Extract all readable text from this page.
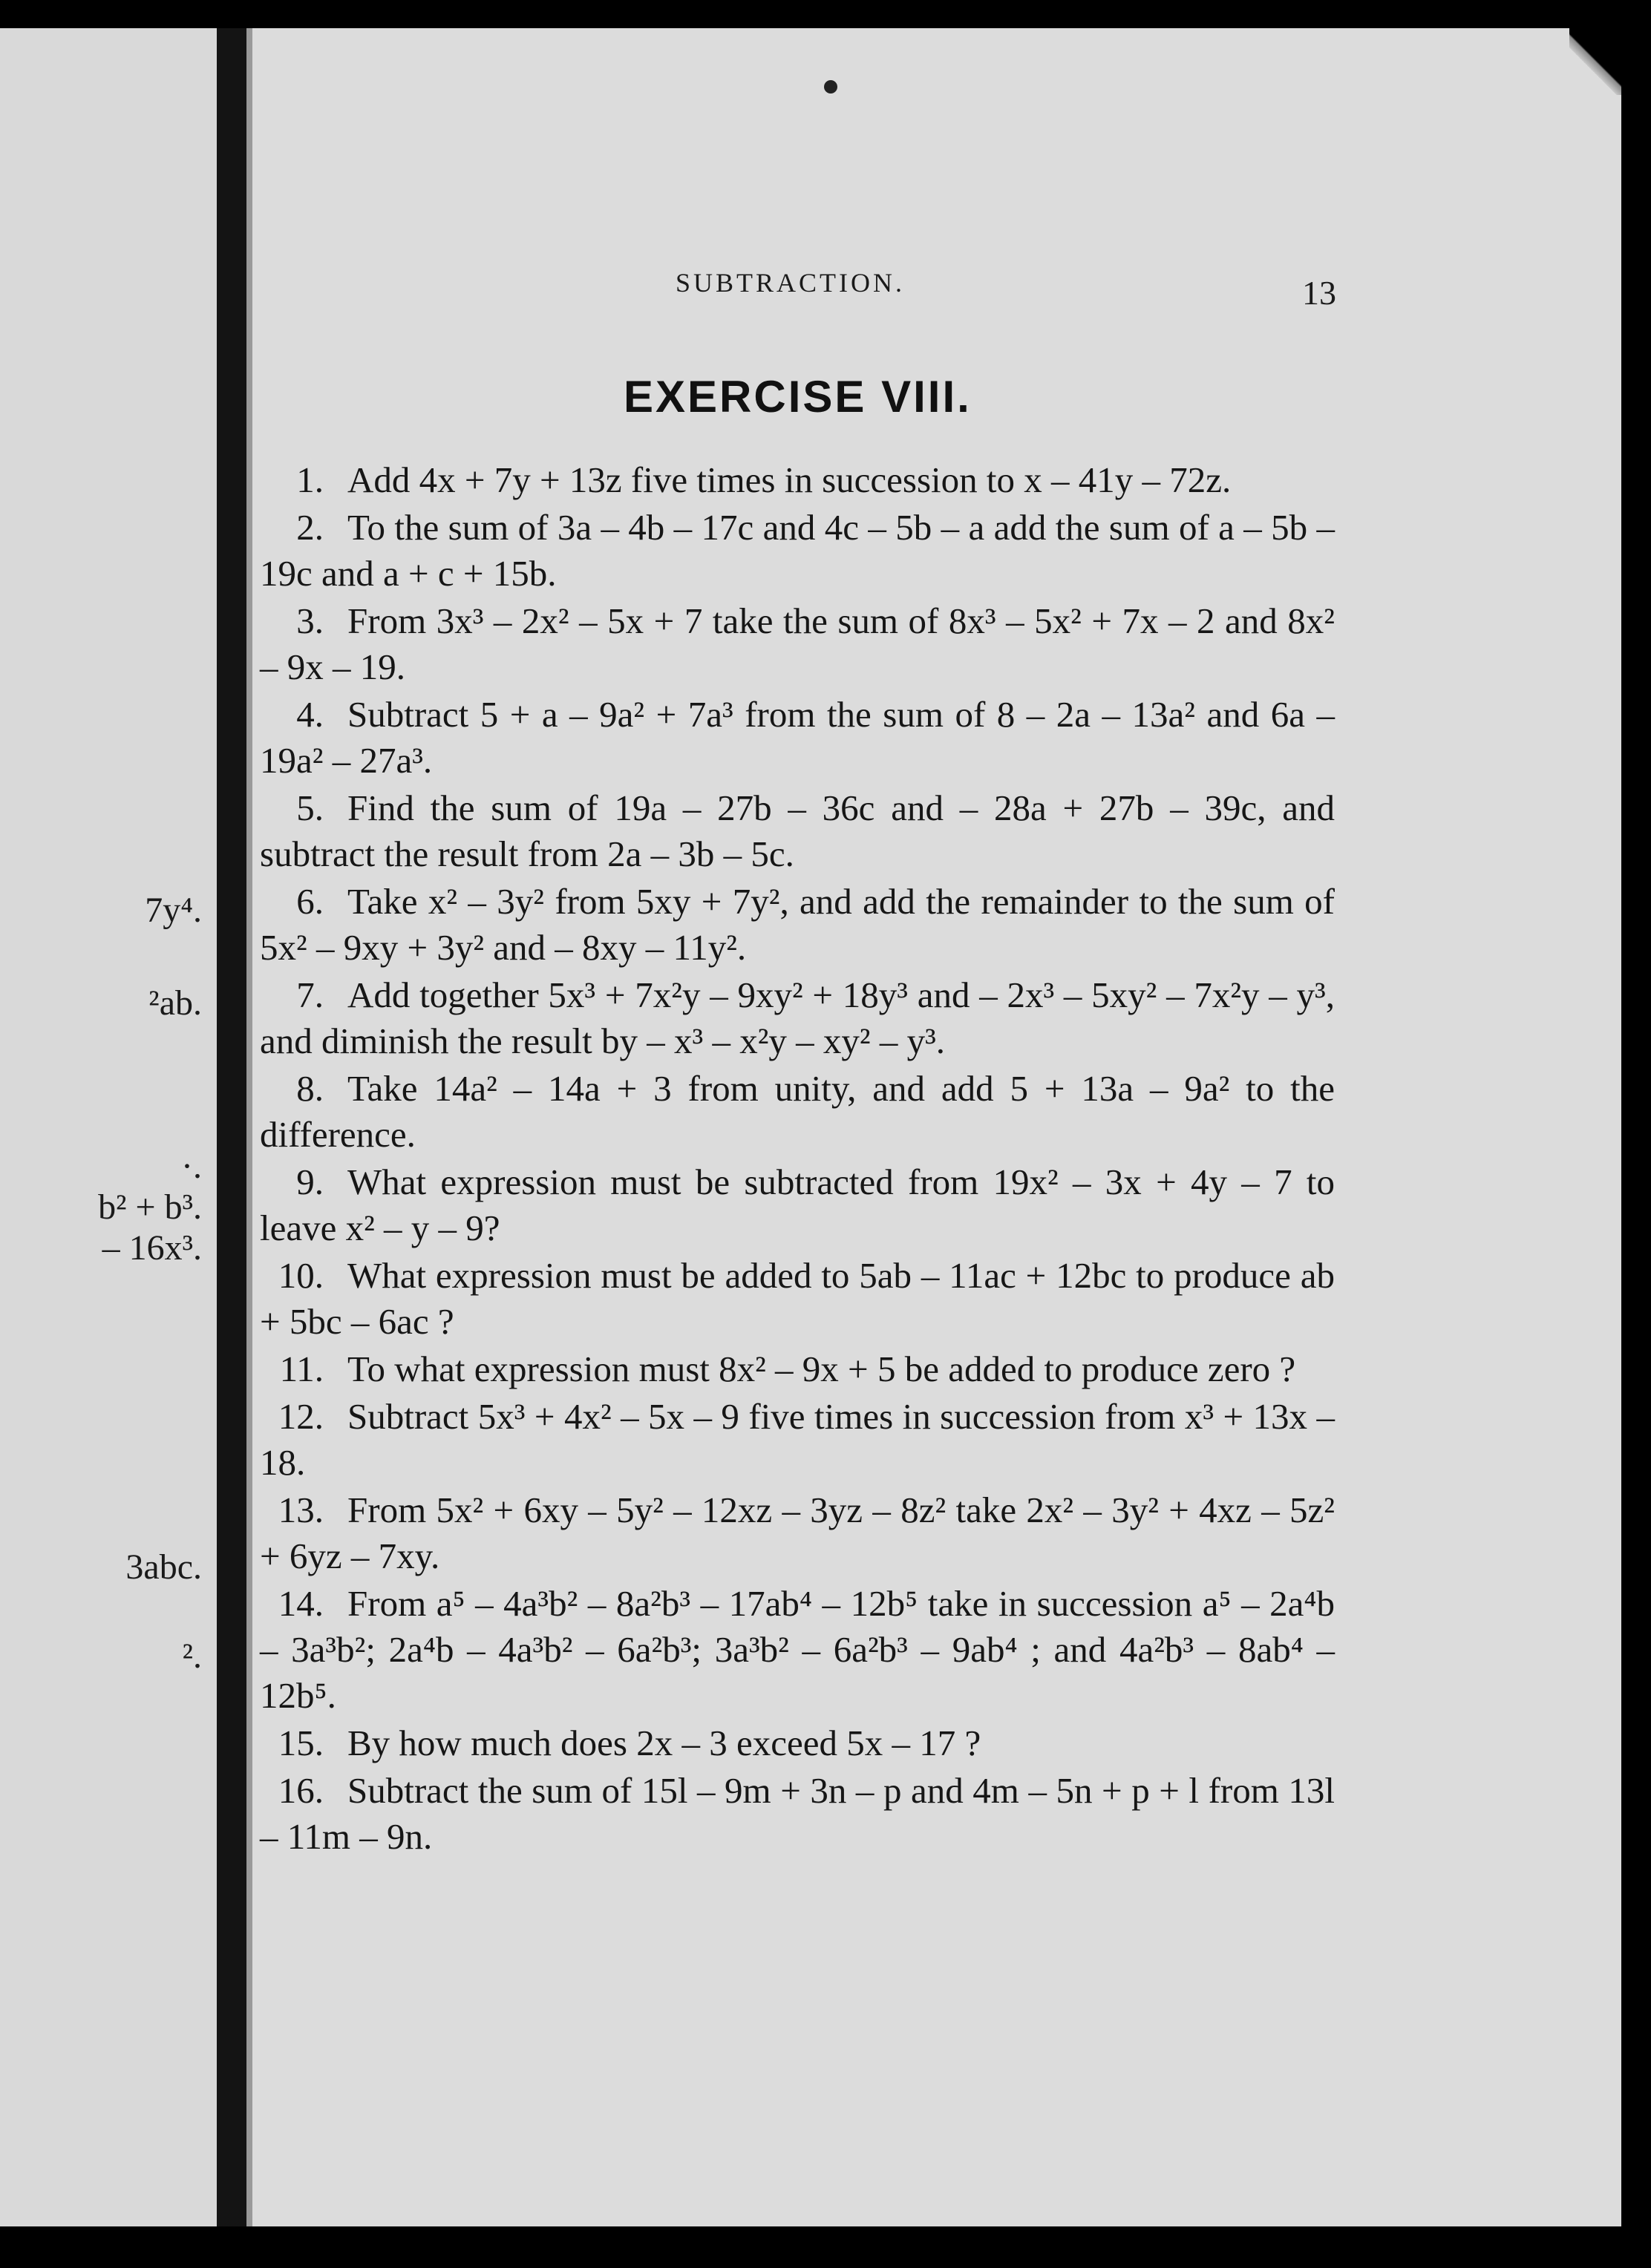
7y⁴.
²ab.
·.
b² + b³.
– 16x³.
3abc.
².
SUBTRACTION.	13
EXERCISE VIII.
1. Add 4x + 7y + 13z five times in succession to x – 41y – 72z.
2. To the sum of 3a – 4b – 17c and 4c – 5b – a add the sum of a – 5b – 19c and a + c + 15b.
3. From 3x³ – 2x² – 5x + 7 take the sum of 8x³ – 5x² + 7x – 2 and 8x² – 9x – 19.
4. Subtract 5 + a – 9a² + 7a³ from the sum of 8 – 2a – 13a² and 6a – 19a² – 27a³.
5. Find the sum of 19a – 27b – 36c and – 28a + 27b – 39c, and subtract the result from 2a – 3b – 5c.
6. Take x² – 3y² from 5xy + 7y², and add the remainder to the sum of 5x² – 9xy + 3y² and – 8xy – 11y².
7. Add together 5x³ + 7x²y – 9xy² + 18y³ and – 2x³ – 5xy² – 7x²y – y³, and diminish the result by – x³ – x²y – xy² – y³.
8. Take 14a² – 14a + 3 from unity, and add 5 + 13a – 9a² to the difference.
9. What expression must be subtracted from 19x² – 3x + 4y – 7 to leave x² – y – 9?
10. What expression must be added to 5ab – 11ac + 12bc to produce ab + 5bc – 6ac ?
11. To what expression must 8x² – 9x + 5 be added to produce zero ?
12. Subtract 5x³ + 4x² – 5x – 9 five times in succession from x³ + 13x – 18.
13. From 5x² + 6xy – 5y² – 12xz – 3yz – 8z² take 2x² – 3y² + 4xz – 5z² + 6yz – 7xy.
14. From a⁵ – 4a³b² – 8a²b³ – 17ab⁴ – 12b⁵ take in succession a⁵ – 2a⁴b – 3a³b²; 2a⁴b – 4a³b² – 6a²b³; 3a³b² – 6a²b³ – 9ab⁴ ; and 4a²b³ – 8ab⁴ – 12b⁵.
15. By how much does 2x – 3 exceed 5x – 17 ?
16. Subtract the sum of 15l – 9m + 3n – p and 4m – 5n + p + l from 13l – 11m – 9n.
